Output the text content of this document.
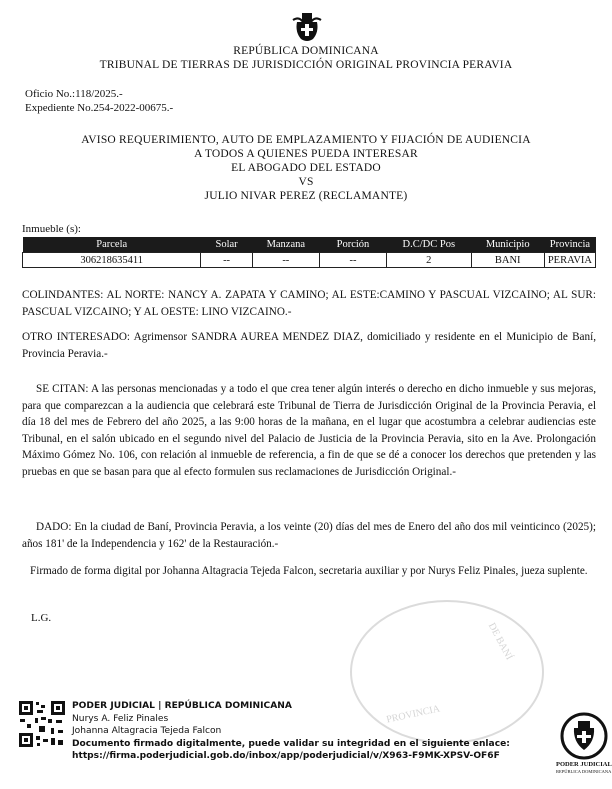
REPÚBLICA DOMINICANA
TRIBUNAL DE TIERRAS DE JURISDICCIÓN ORIGINAL PROVINCIA PERAVIA
Oficio No.:118/2025.-
Expediente No.254-2022-00675.-
AVISO REQUERIMIENTO, AUTO DE EMPLAZAMIENTO Y FIJACIÓN DE AUDIENCIA
A TODOS A QUIENES PUEDA INTERESAR
EL ABOGADO DEL ESTADO
VS
JULIO NIVAR PEREZ (RECLAMANTE)
Inmueble (s):
Parcela	Solar	Manzana	Porción	D.C/DC Pos	Municipio	Provincia
306218635411	--	--	--	2	BANI	PERAVIA
COLINDANTES: AL NORTE: NANCY A. ZAPATA Y CAMINO; AL ESTE:CAMINO Y PASCUAL VIZCAINO; AL SUR: PASCUAL VIZCAINO; Y AL OESTE: LINO VIZCAINO.-
OTRO INTERESADO: Agrimensor SANDRA AUREA MENDEZ DIAZ, domiciliado y residente en el Municipio de Baní, Provincia Peravia.-
SE CITAN: A las personas mencionadas y a todo el que crea tener algún interés o derecho en dicho inmueble y sus mejoras, para que comparezcan a la audiencia que celebrará este Tribunal de Tierra de Jurisdicción Original de la Provincia Peravia, el día 18 del mes de Febrero del año 2025, a las 9:00 horas de la mañana, en el lugar que acostumbra a celebrar audiencias este Tribunal, en el salón ubicado en el segundo nivel del Palacio de Justicia de la Provincia Peravia, sito en la Ave. Prolongación Máximo Gómez No. 106, con relación al inmueble de referencia, a fin de que se dé a conocer los derechos que pretenden y las pruebas en que se basan para que al efecto formulen sus reclamaciones de Jurisdicción Original.-
DADO: En la ciudad de Baní, Provincia Peravia, a los veinte (20) días del mes de Enero del año dos mil veinticinco (2025); años 181' de la Independencia y 162' de la Restauración.-
Firmado de forma digital por Johanna Altagracia Tejeda Falcon, secretaria auxiliar y por Nurys Feliz Pinales, jueza suplente.
L.G.
DE BANÍ
PROVINCIA
PODER JUDICIAL | REPÚBLICA DOMINICANA
Nurys A. Feliz Pinales
Johanna Altagracia Tejeda Falcon
Documento firmado digitalmente, puede validar su integridad en el siguiente enlace:
https://firma.poderjudicial.gob.do/inbox/app/poderjudicial/v/X963-F9MK-XPSV-OF6F
PODER JUDICIAL
REPÚBLICA DOMINICANA
